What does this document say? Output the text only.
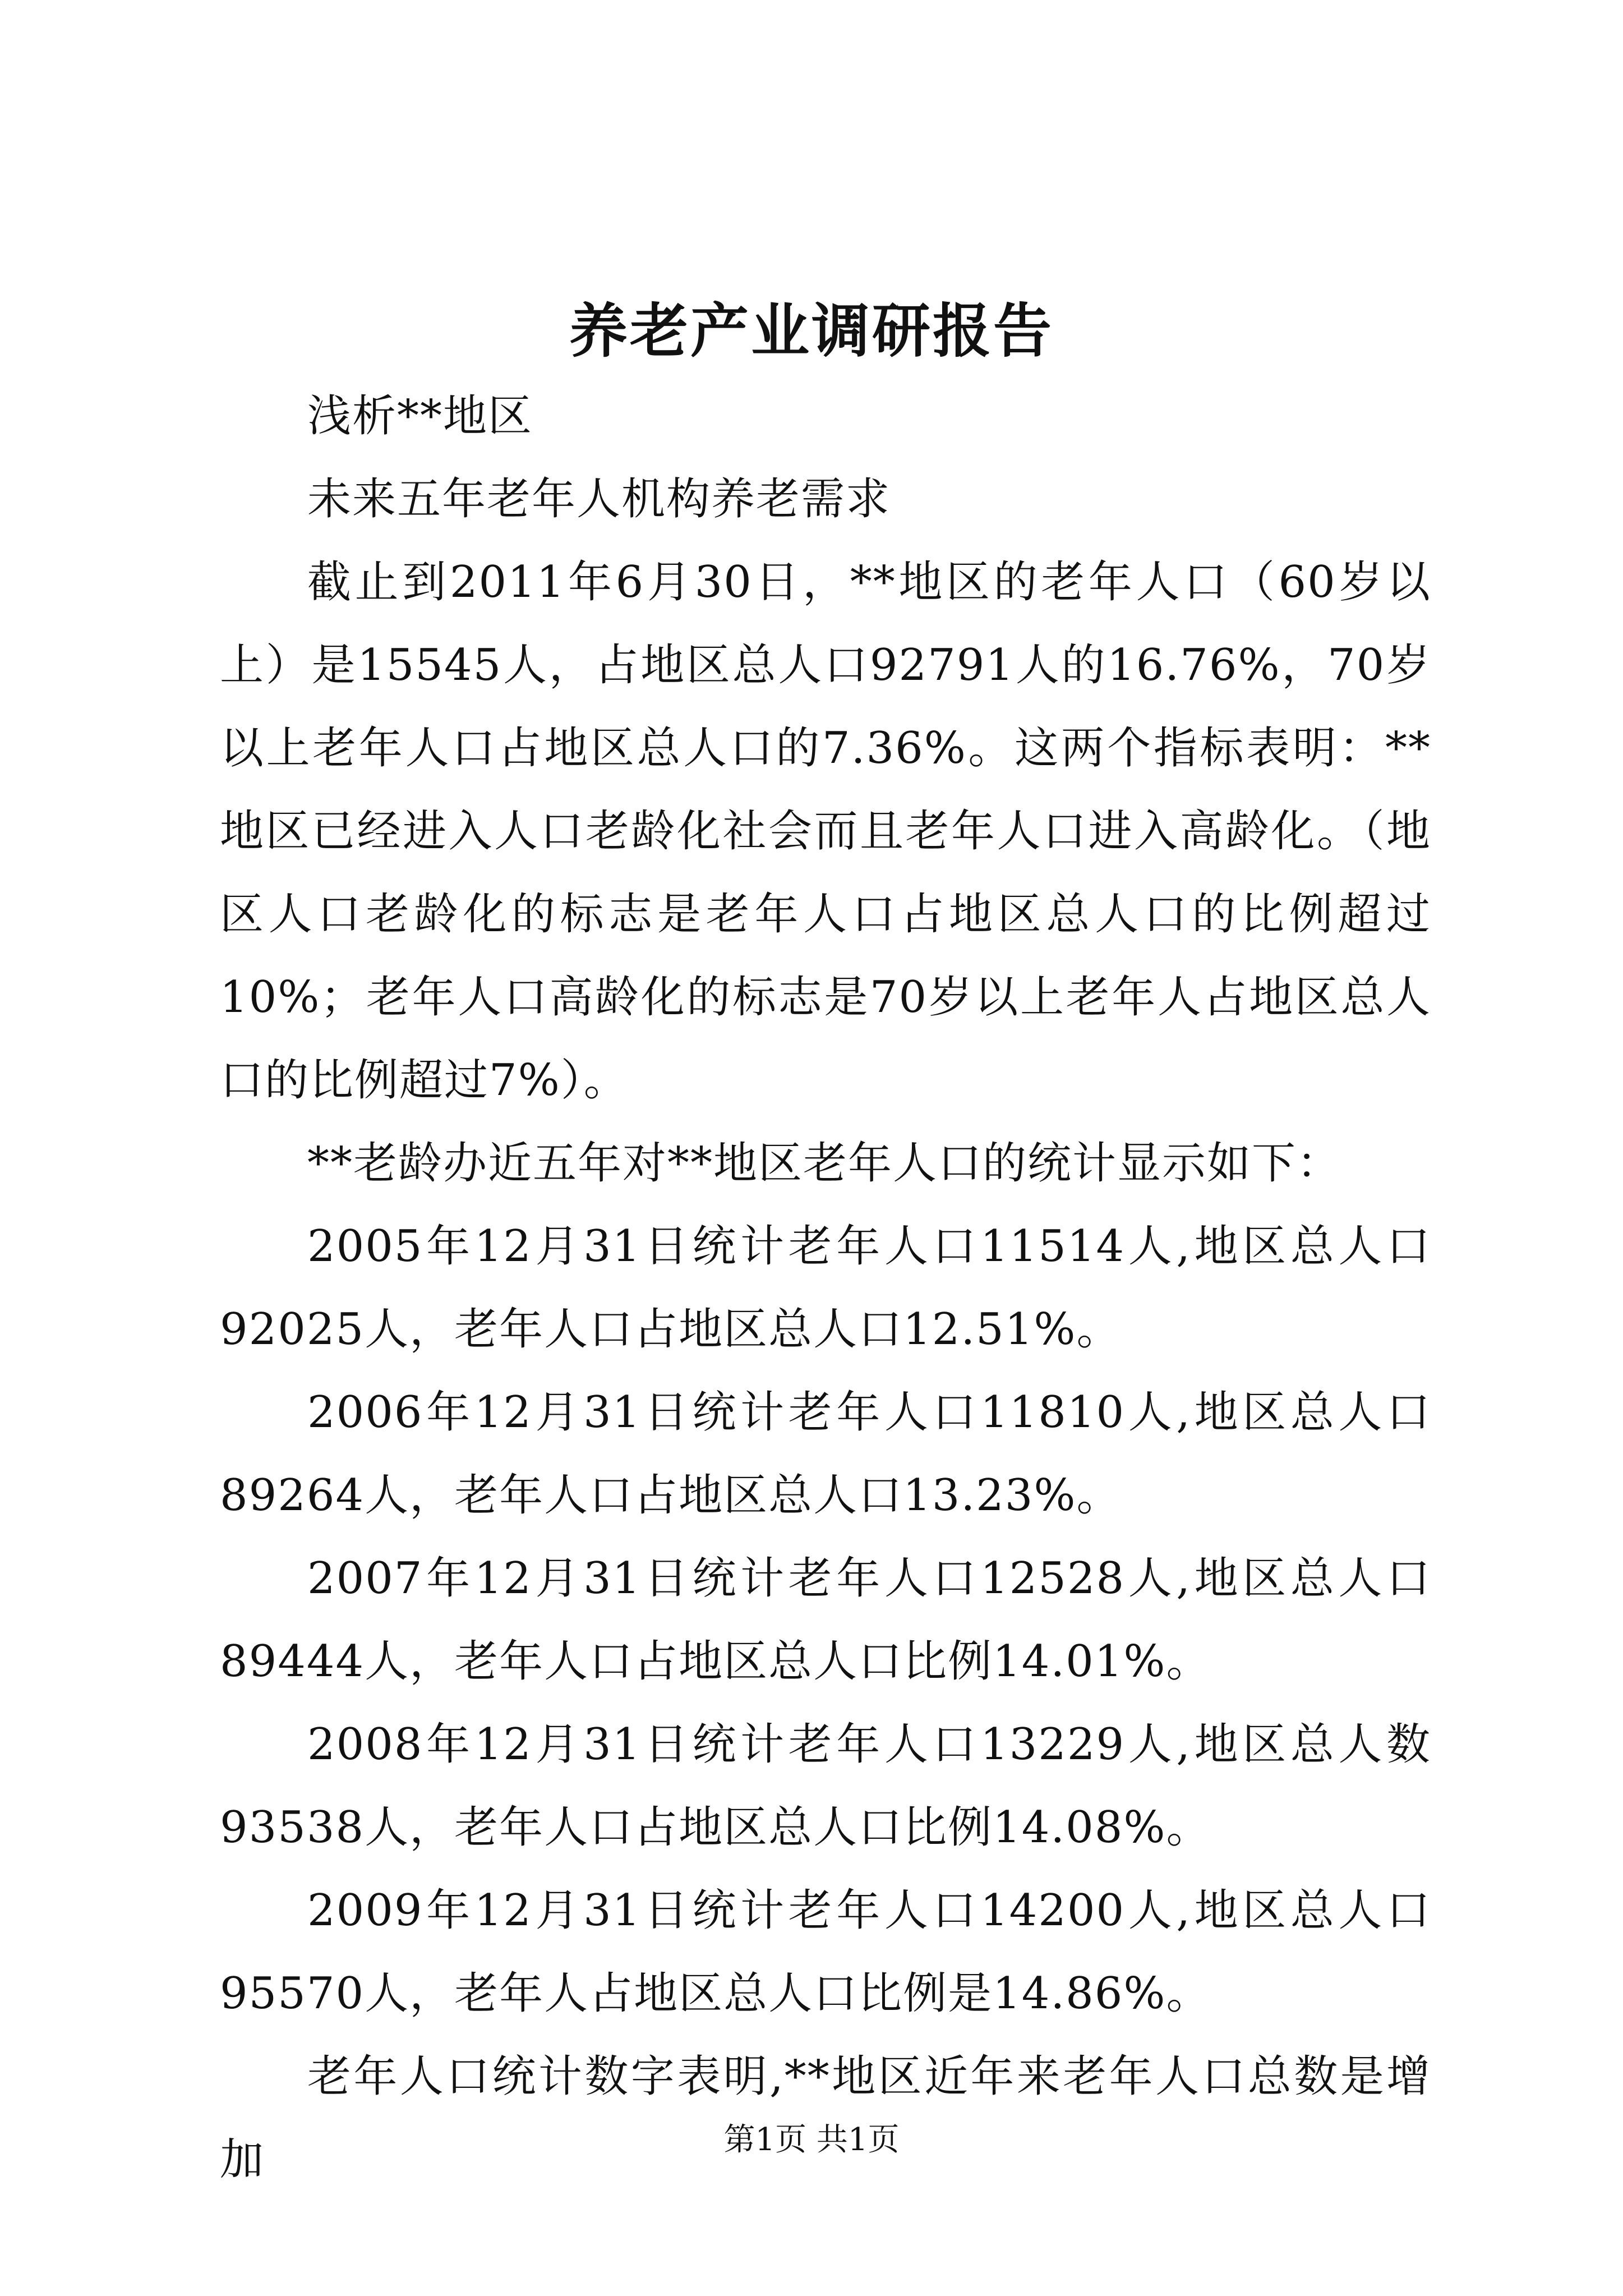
养老产业调研报告

浅析**地区

未来五年老年人机构养老需求

截止到2011年6月30日，**地区的老年人口（60岁以上）是15545人，占地区总人口92791人的16.76%，70岁以上老年人口占地区总人口的7.36%。这两个指标表明：**地区已经进入人口老龄化社会而且老年人口进入高龄化。（地区人口老龄化的标志是老年人口占地区总人口的比例超过10%；老年人口高龄化的标志是70岁以上老年人占地区总人口的比例超过7%）。

**老龄办近五年对**地区老年人口的统计显示如下：

2005年12月31日统计老年人口11514人,地区总人口92025人，老年人口占地区总人口12.51%。

2006年12月31日统计老年人口11810人,地区总人口89264人，老年人口占地区总人口13.23%。

2007年12月31日统计老年人口12528人,地区总人口89444人，老年人口占地区总人口比例14.01%。

2008年12月31日统计老年人口13229人,地区总人数93538人，老年人口占地区总人口比例14.08%。

2009年12月31日统计老年人口14200人,地区总人口95570人，老年人占地区总人口比例是14.86%。

老年人口统计数字表明,**地区近年来老年人口总数是增加	第1页 共1页
